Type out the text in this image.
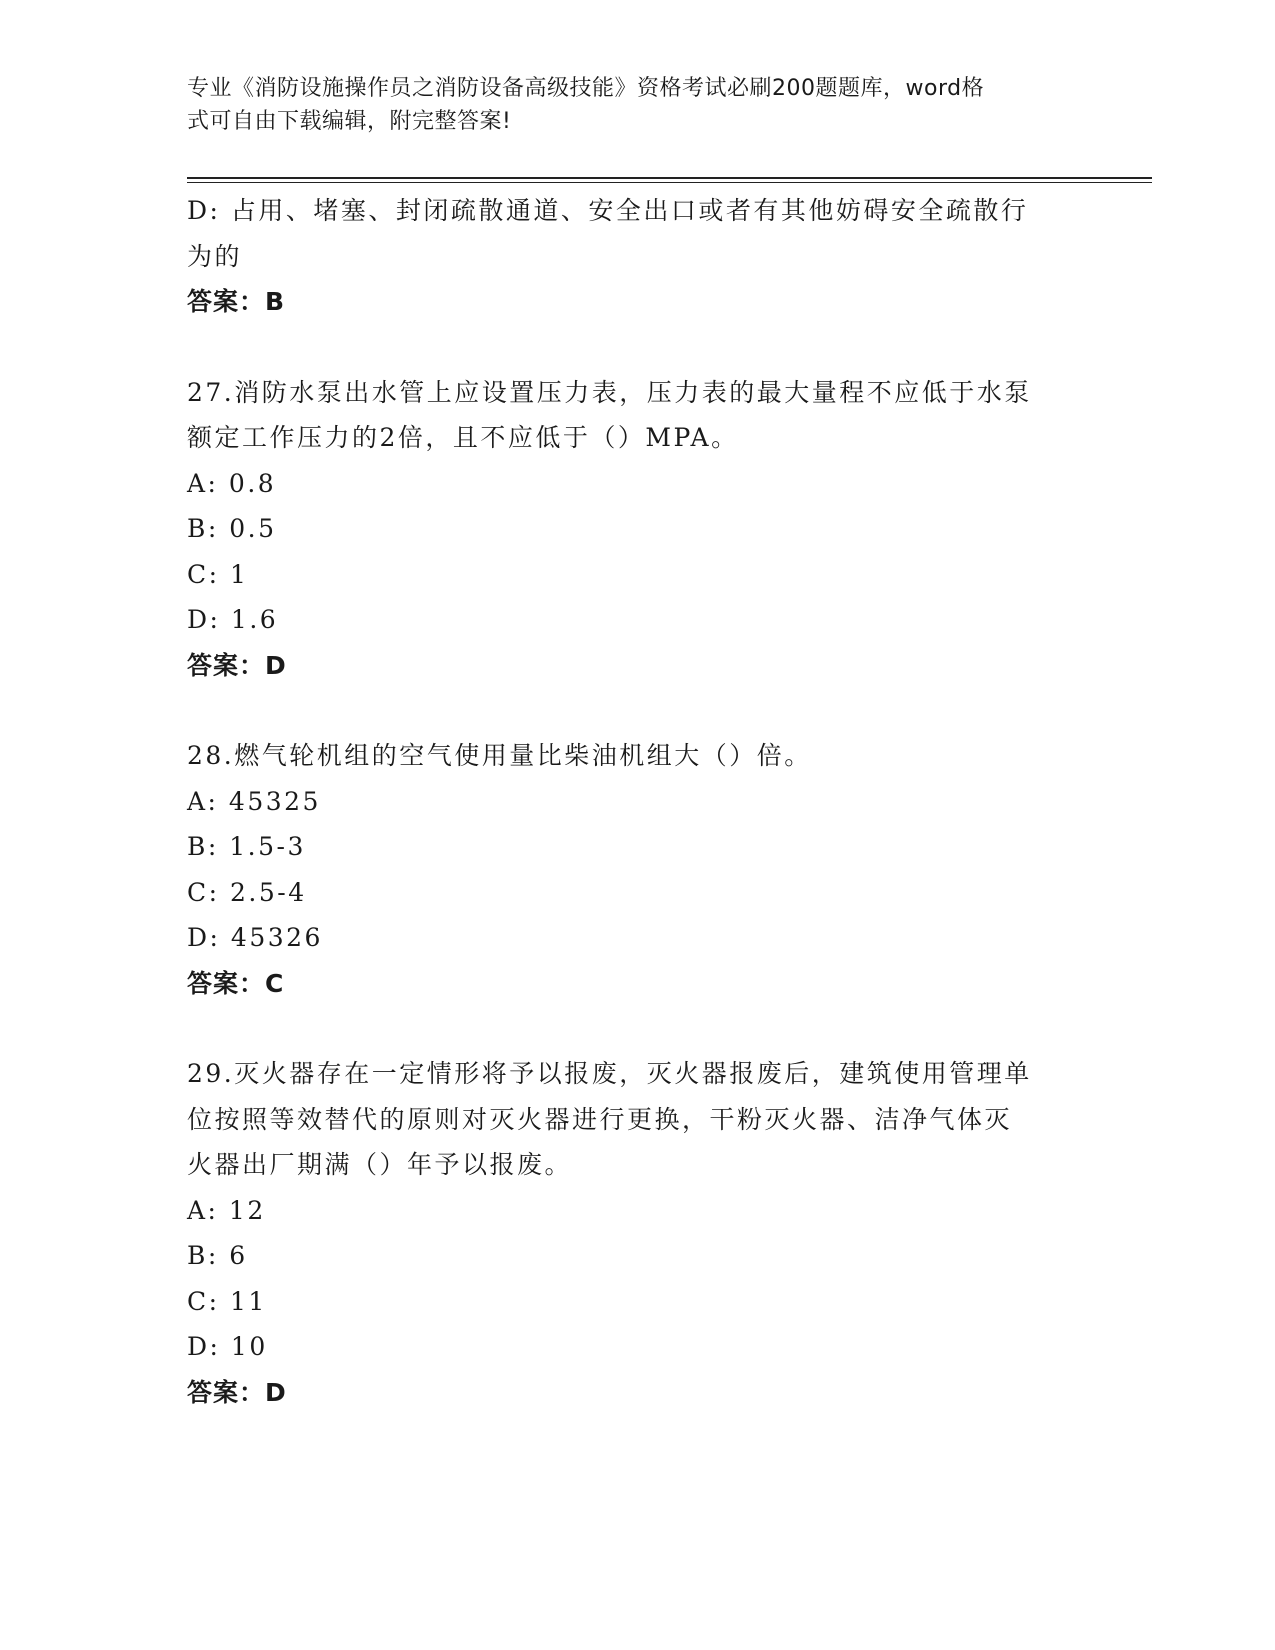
专业《消防设施操作员之消防设备高级技能》资格考试必刷200题题库，word格
式可自由下载编辑，附完整答案!
D: 占用、堵塞、封闭疏散通道、安全出口或者有其他妨碍安全疏散行
为的
答案：B
27.消防水泵出水管上应设置压力表，压力表的最大量程不应低于水泵
额定工作压力的2倍，且不应低于（）MPA。
A: 0.8
B: 0.5
C: 1
D: 1.6
答案：D
28.燃气轮机组的空气使用量比柴油机组大（）倍。
A: 45325
B: 1.5-3
C: 2.5-4
D: 45326
答案：C
29.灭火器存在一定情形将予以报废，灭火器报废后，建筑使用管理单
位按照等效替代的原则对灭火器进行更换，干粉灭火器、洁净气体灭
火器出厂期满（）年予以报废。
A: 12
B: 6
C: 11
D: 10
答案：D
